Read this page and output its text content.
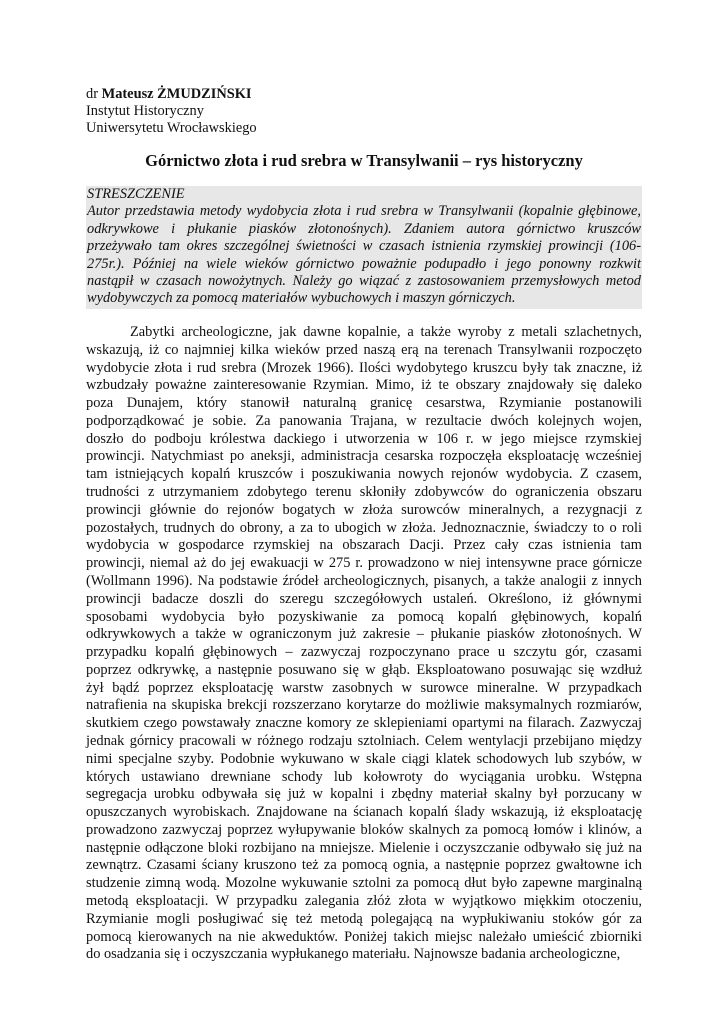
dr Mateusz ŻMUDZIŃSKI
Instytut Historyczny
Uniwersytetu Wrocławskiego
Górnictwo złota i rud srebra w Transylwanii – rys historyczny
STRESZCZENIE
Autor przedstawia metody wydobycia złota i rud srebra w Transylwanii (kopalnie głębinowe,
odkrywkowe i płukanie piasków złotonośnych). Zdaniem autora górnictwo kruszców
przeżywało tam okres szczególnej świetności w czasach istnienia rzymskiej prowincji (106-
275r.). Później na wiele wieków górnictwo poważnie podupadło i jego ponowny rozkwit
nastąpił w czasach nowożytnych. Należy go wiązać z zastosowaniem przemysłowych metod
wydobywczych za pomocą materiałów wybuchowych i maszyn górniczych.
Zabytki archeologiczne, jak dawne kopalnie, a także wyroby z metali szlachetnych,
wskazują, iż co najmniej kilka wieków przed naszą erą na terenach Transylwanii rozpoczęto
wydobycie złota i rud srebra (Mrozek 1966). Ilości wydobytego kruszcu były tak znaczne, iż
wzbudzały poważne zainteresowanie Rzymian. Mimo, iż te obszary znajdowały się daleko
poza Dunajem, który stanowił naturalną granicę cesarstwa, Rzymianie postanowili
podporządkować je sobie. Za panowania Trajana, w rezultacie dwóch kolejnych wojen,
doszło do podboju królestwa dackiego i utworzenia w 106 r. w jego miejsce rzymskiej
prowincji. Natychmiast po aneksji, administracja cesarska rozpoczęła eksploatację wcześniej
tam istniejących kopalń kruszców i poszukiwania nowych rejonów wydobycia. Z czasem,
trudności z utrzymaniem zdobytego terenu skłoniły zdobywców do ograniczenia obszaru
prowincji głównie do rejonów bogatych w złoża surowców mineralnych, a rezygnacji z
pozostałych, trudnych do obrony, a za to ubogich w złoża. Jednoznacznie, świadczy to o roli
wydobycia w gospodarce rzymskiej na obszarach Dacji. Przez cały czas istnienia tam
prowincji, niemal aż do jej ewakuacji w 275 r. prowadzono w niej intensywne prace górnicze
(Wollmann 1996). Na podstawie źródeł archeologicznych, pisanych, a także analogii z innych
prowincji badacze doszli do szeregu szczegółowych ustaleń. Określono, iż głównymi
sposobami wydobycia było pozyskiwanie za pomocą kopalń głębinowych, kopalń
odkrywkowych a także w ograniczonym już zakresie – płukanie piasków złotonośnych. W
przypadku kopalń głębinowych – zazwyczaj rozpoczynano prace u szczytu gór, czasami
poprzez odkrywkę, a następnie posuwano się w głąb. Eksploatowano posuwając się wzdłuż
żył bądź poprzez eksploatację warstw zasobnych w surowce mineralne. W przypadkach
natrafienia na skupiska brekcji rozszerzano korytarze do możliwie maksymalnych rozmiarów,
skutkiem czego powstawały znaczne komory ze sklepieniami opartymi na filarach. Zazwyczaj
jednak górnicy pracowali w różnego rodzaju sztolniach. Celem wentylacji przebijano między
nimi specjalne szyby. Podobnie wykuwano w skale ciągi klatek schodowych lub szybów, w
których ustawiano drewniane schody lub kołowroty do wyciągania urobku. Wstępna
segregacja urobku odbywała się już w kopalni i zbędny materiał skalny był porzucany w
opuszczanych wyrobiskach. Znajdowane na ścianach kopalń ślady wskazują, iż eksploatację
prowadzono zazwyczaj poprzez wyłupywanie bloków skalnych za pomocą łomów i klinów, a
następnie odłączone bloki rozbijano na mniejsze. Mielenie i oczyszczanie odbywało się już na
zewnątrz. Czasami ściany kruszono też za pomocą ognia, a następnie poprzez gwałtowne ich
studzenie zimną wodą. Mozolne wykuwanie sztolni za pomocą dłut było zapewne marginalną
metodą eksploatacji. W przypadku zalegania złóż złota w wyjątkowo miękkim otoczeniu,
Rzymianie mogli posługiwać się też metodą polegającą na wypłukiwaniu stoków gór za
pomocą kierowanych na nie akweduktów. Poniżej takich miejsc należało umieścić zbiorniki
do osadzania się i oczyszczania wypłukanego materiału. Najnowsze badania archeologiczne,
